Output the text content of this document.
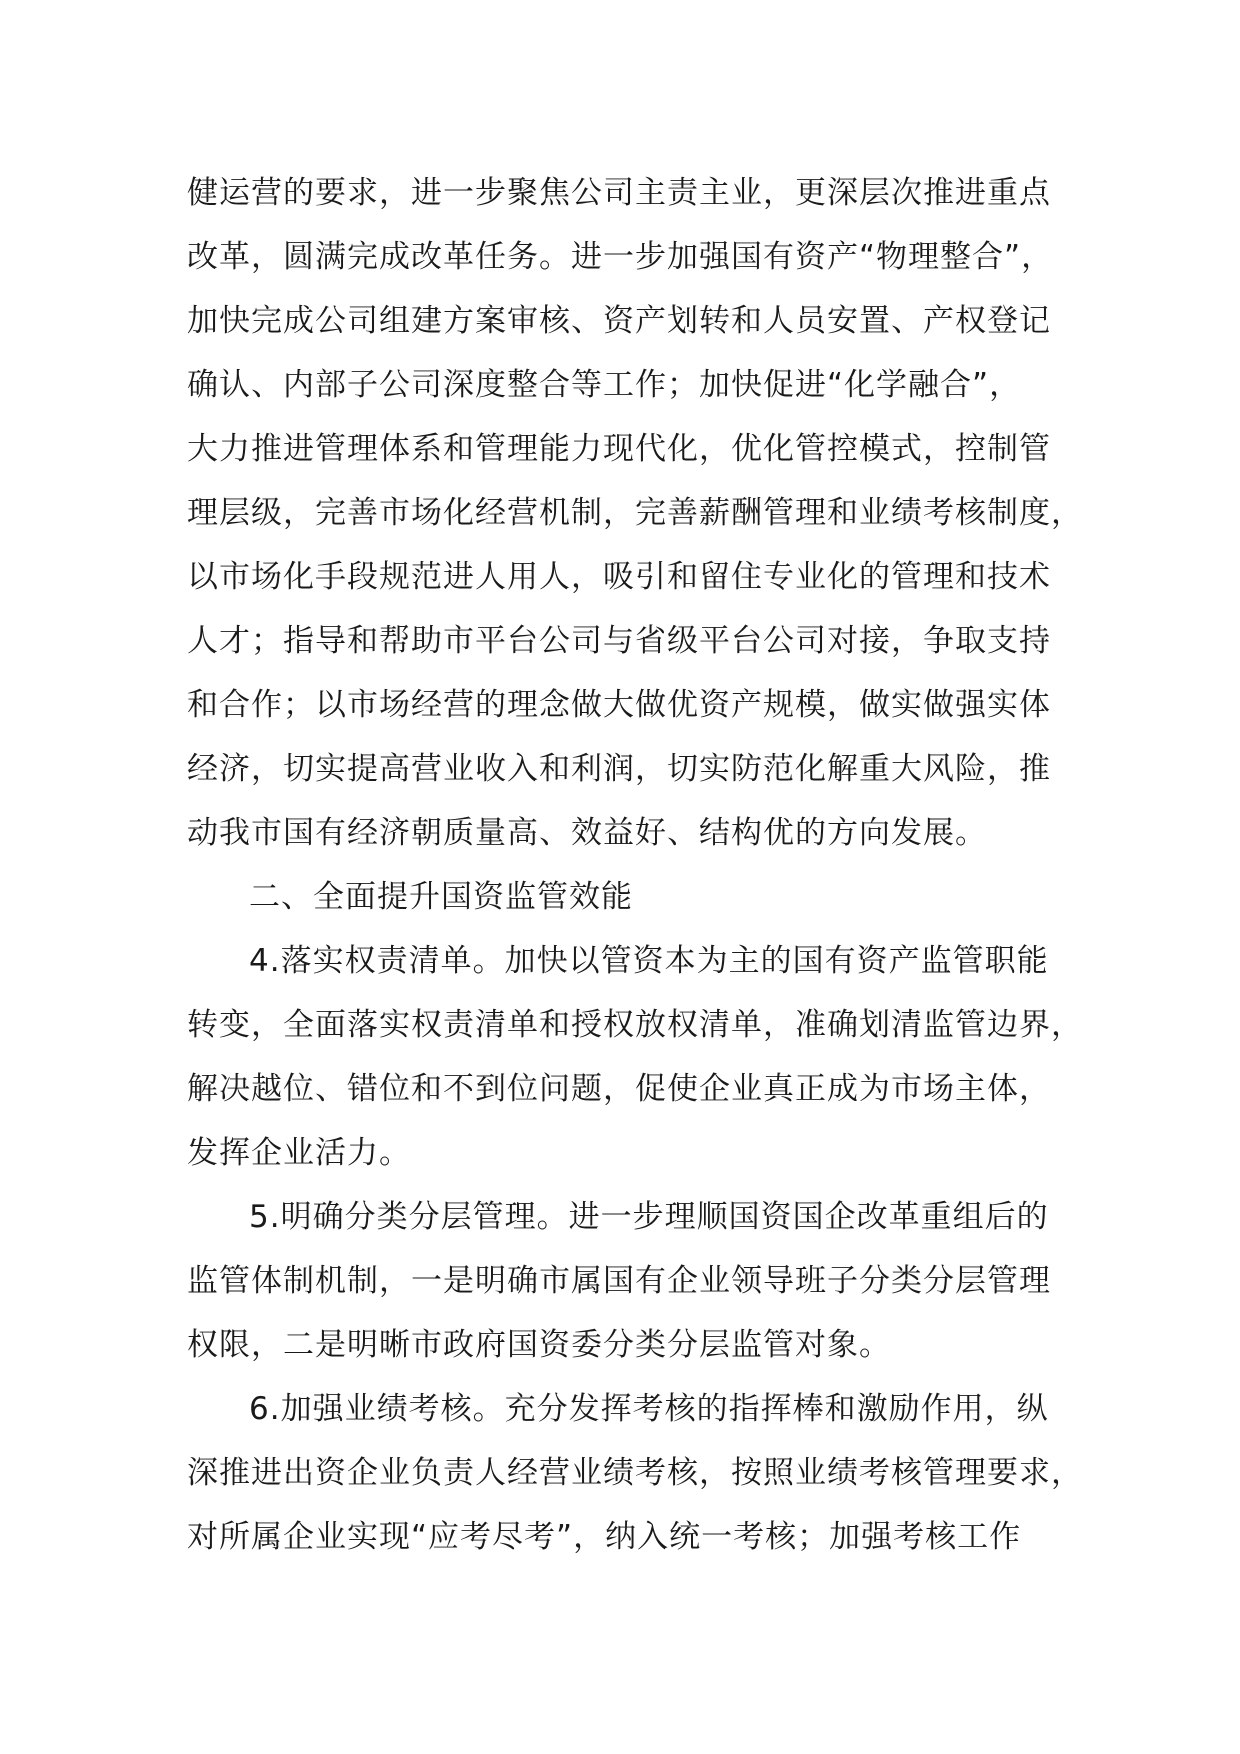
健运营的要求，进一步聚焦公司主责主业，更深层次推进重点
改革，圆满完成改革任务。进一步加强国有资产“物理整合”，
加快完成公司组建方案审核、资产划转和人员安置、产权登记
确认、内部子公司深度整合等工作；加快促进“化学融合”，
大力推进管理体系和管理能力现代化，优化管控模式，控制管
理层级，完善市场化经营机制，完善薪酬管理和业绩考核制度，
以市场化手段规范进人用人，吸引和留住专业化的管理和技术
人才；指导和帮助市平台公司与省级平台公司对接，争取支持
和合作；以市场经营的理念做大做优资产规模，做实做强实体
经济，切实提高营业收入和利润，切实防范化解重大风险，推
动我市国有经济朝质量高、效益好、结构优的方向发展。
二、全面提升国资监管效能
4.落实权责清单。加快以管资本为主的国有资产监管职能
转变，全面落实权责清单和授权放权清单，准确划清监管边界，
解决越位、错位和不到位问题，促使企业真正成为市场主体，
发挥企业活力。
5.明确分类分层管理。进一步理顺国资国企改革重组后的
监管体制机制，一是明确市属国有企业领导班子分类分层管理
权限，二是明晰市政府国资委分类分层监管对象。
6.加强业绩考核。充分发挥考核的指挥棒和激励作用，纵
深推进出资企业负责人经营业绩考核，按照业绩考核管理要求，
对所属企业实现“应考尽考”，纳入统一考核；加强考核工作
